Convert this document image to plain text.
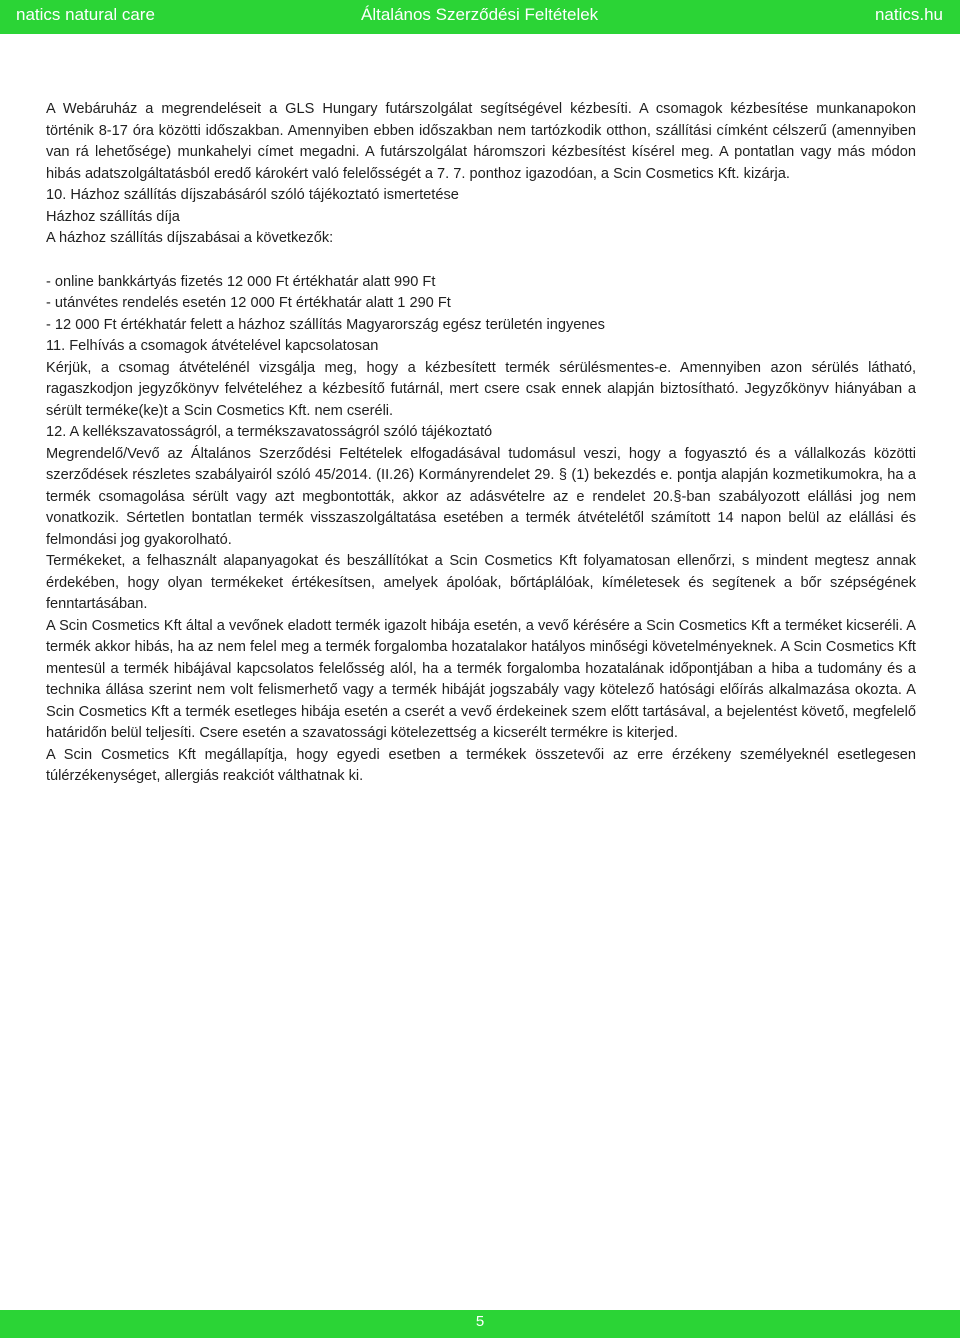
natics natural care	Általános Szerződési Feltételek	natics.hu

A Webáruház a megrendeléseit a GLS Hungary futárszolgálat segítségével kézbesíti. A csomagok kézbesítése munkanapokon történik 8-17 óra közötti időszakban. Amennyiben ebben időszakban nem tartózkodik otthon, szállítási címként célszerű (amennyiben van rá lehetősége) munkahelyi címet megadni. A futárszolgálat háromszori kézbesítést kísérel meg. A pontatlan vagy más módon hibás adatszolgáltatásból eredő károkért való felelősségét a 7. 7. ponthoz igazodóan, a Scin Cosmetics Kft. kizárja.

10. Házhoz szállítás díjszabásáról szóló tájékoztató ismertetése

Házhoz szállítás díja

A házhoz szállítás díjszabásai a következők:

- online bankkártyás fizetés 12 000 Ft értékhatár alatt 990 Ft

- utánvétes rendelés esetén 12 000 Ft értékhatár alatt 1 290 Ft

- 12 000 Ft értékhatár felett a házhoz szállítás Magyarország egész területén ingyenes

11. Felhívás a csomagok átvételével kapcsolatosan

Kérjük, a csomag átvételénél vizsgálja meg, hogy a kézbesített termék sérülésmentes-e. Amennyiben azon sérülés látható, ragaszkodjon jegyzőkönyv felvételéhez a kézbesítő futárnál, mert csere csak ennek alapján biztosítható. Jegyzőkönyv hiányában a sérült terméke(ke)t a Scin Cosmetics Kft. nem cseréli.

12. A kellékszavatosságról, a termékszavatosságról szóló tájékoztató

Megrendelő/Vevő az Általános Szerződési Feltételek elfogadásával tudomásul veszi, hogy a fogyasztó és a vállalkozás közötti szerződések részletes szabályairól szóló 45/2014. (II.26) Kormányrendelet 29. § (1) bekezdés e. pontja alapján kozmetikumokra, ha a termék csomagolása sérült vagy azt megbontották, akkor az adásvételre az e rendelet 20.§-ban szabályozott elállási jog nem vonatkozik. Sértetlen bontatlan termék visszaszolgáltatása esetében a termék átvételétől számított 14 napon belül az elállási és felmondási jog gyakorolható.

Termékeket, a felhasznált alapanyagokat és beszállítókat a Scin Cosmetics Kft folyamatosan ellenőrzi, s mindent megtesz annak érdekében, hogy olyan termékeket értékesítsen, amelyek ápolóak, bőrtáplálóak, kíméletesek és segítenek a bőr szépségének fenntartásában.

A Scin Cosmetics Kft által a vevőnek eladott termék igazolt hibája esetén, a vevő kérésére a Scin Cosmetics Kft a terméket kicseréli. A termék akkor hibás, ha az nem felel meg a termék forgalomba hozatalakor hatályos minőségi követelményeknek. A Scin Cosmetics Kft mentesül a termék hibájával kapcsolatos felelősség alól, ha a termék forgalomba hozatalának időpontjában a hiba a tudomány és a technika állása szerint nem volt felismerhető vagy a termék hibáját jogszabály vagy kötelező hatósági előírás alkalmazása okozta. A Scin Cosmetics Kft a termék esetleges hibája esetén a cserét a vevő érdekeinek szem előtt tartásával, a bejelentést követő, megfelelő határidőn belül teljesíti. Csere esetén a szavatossági kötelezettség a kicserélt termékre is kiterjed.

A Scin Cosmetics Kft megállapítja, hogy egyedi esetben a termékek összetevői az erre érzékeny személyeknél esetlegesen túlérzékenységet, allergiás reakciót válthatnak ki.

5
